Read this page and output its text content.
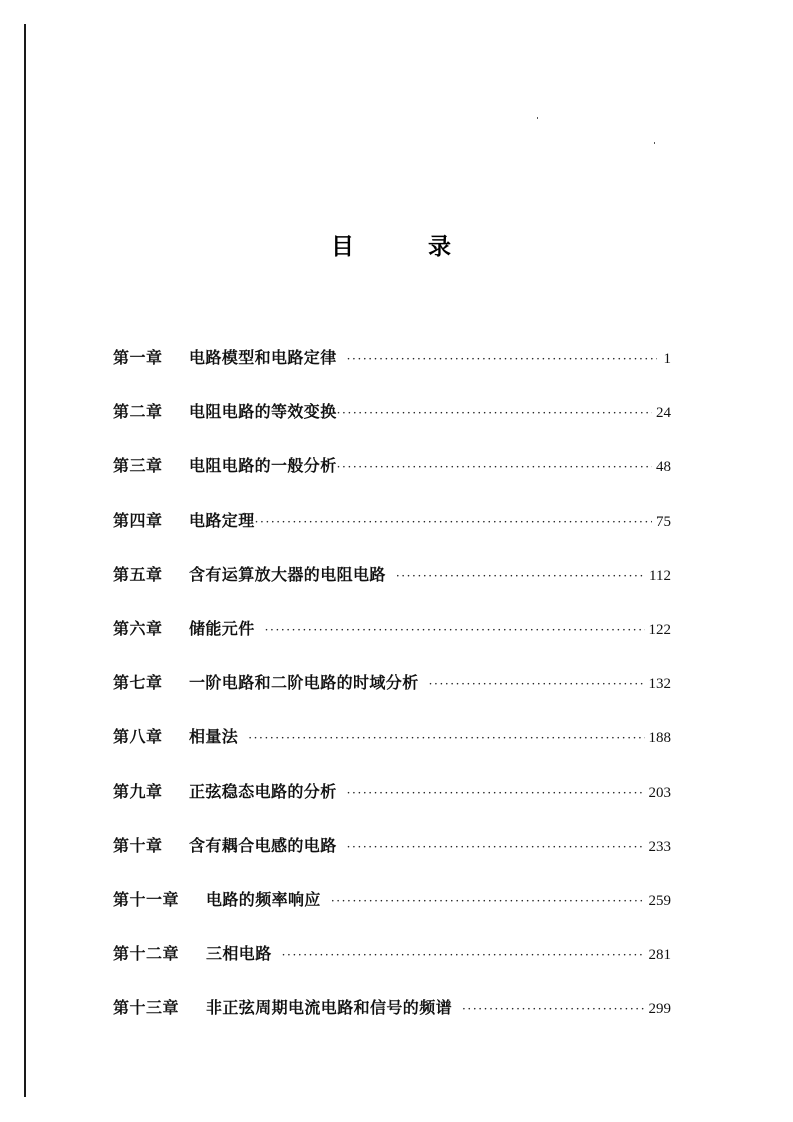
目	录
第一章	电路模型和电路定律 ·····	1
第二章	电阻电路的等效变换 ·····	24
第三章	电阻电路的一般分析 ·····	48
第四章	电路定理 ·····	75
第五章	含有运算放大器的电阻电路 ·····	112
第六章	储能元件 ·····	122
第七章	一阶电路和二阶电路的时域分析 ·····	132
第八章	相量法 ·····	188
第九章	正弦稳态电路的分析 ·····	203
第十章	含有耦合电感的电路 ·····	233
第十一章	电路的频率响应 ·····	259
第十二章	三相电路 ·····	281
第十三章	非正弦周期电流电路和信号的频谱 ·····	299
